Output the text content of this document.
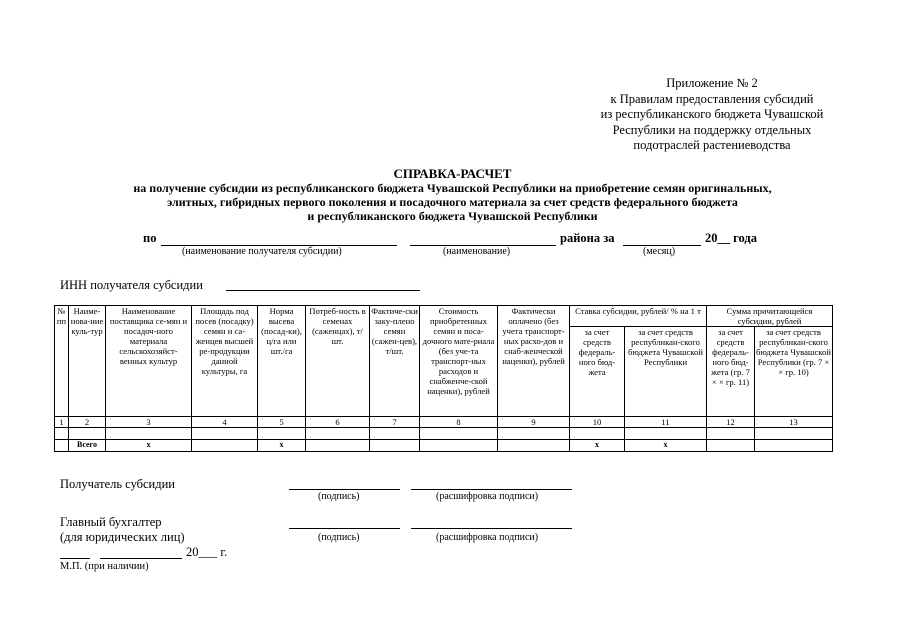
Приложение № 2
к Правилам предоставления субсидий
из республиканского бюджета Чувашской
Республики на поддержку отдельных
подотраслей растениеводства
СПРАВКА-РАСЧЕТ
на получение субсидии из республиканского бюджета Чувашской Республики на приобретение семян оригинальных,
элитных, гибридных первого поколения и посадочного материала за счет средств федерального бюджета
и республиканского бюджета Чувашской Республики
по	района за	20__ года
(наименование получателя субсидии)	(наименование)	(месяц)
ИНН получателя субсидии
№ пп	Наиме-нова-ние куль-тур	Наименование поставщика се-мян и посадоч-ного материала сельскохозяйст-венных культур	Площадь под посев (посадку) семян и са-женцев высшей ре-продукции данной культуры, га	Норма высева (посад-ки), ц/га или шт./га	Потреб-ность в семенах (саженцах), т/шт.	Фактиче-ски заку-плено семян (сажен-цев), т/шт.	Стоимость приобретенных семян и поса-дочного мате-риала (без уче-та транспорт-ных расходов и снабженче-ской наценки), рублей	Фактически оплачено (без учета транспорт-ных расхо-дов и снаб-женческой наценки), рублей	Ставка субсидии, рублей/ % на 1 т		Сумма причитающейся субсидии, рублей	
									за счет средств федераль-ного бюд-жета	за счет средств республикан-ского бюджета Чувашской Республики	за счет средств федераль-ного бюд-жета (гр. 7 × × гр. 11)	за счет средств республикан-ского бюджета Чувашской Республики (гр. 7 × × гр. 10)
1	2	3	4	5	6	7	8	9	10	11	12	13

	Всего	x		x					x	x		
Получатель субсидии
(подпись)	(расшифровка подписи)
Главный бухгалтер
(для юридических лиц)	(подпись)	(расшифровка подписи)
20___ г.
М.П. (при наличии)
